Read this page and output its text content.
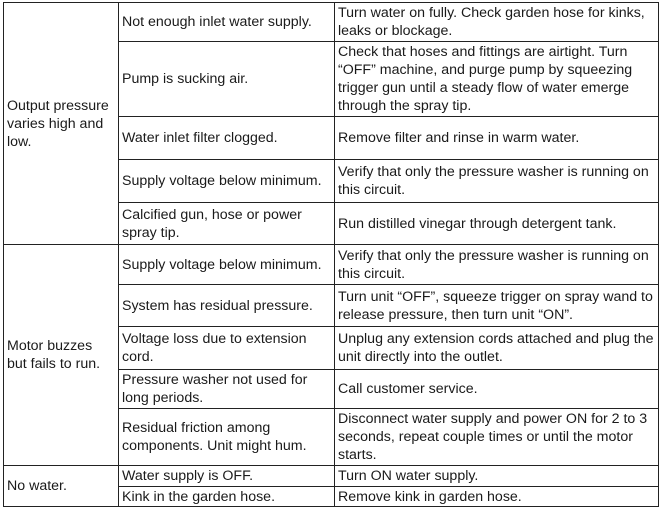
Output pressure varies high and low.	Not enough inlet water supply.	Turn water on fully. Check garden hose for kinks, leaks or blockage.
	Pump is sucking air.	Check that hoses and fittings are airtight. Turn “OFF” machine, and purge pump by squeezing trigger gun until a steady flow of water emerge through the spray tip.
	Water inlet filter clogged.	Remove filter and rinse in warm water.
	Supply voltage below minimum.	Verify that only the pressure washer is running on this circuit.
	Calcified gun, hose or power spray tip.	Run distilled vinegar through detergent tank.
Motor buzzes but fails to run.	Supply voltage below minimum.	Verify that only the pressure washer is running on this circuit.
	System has residual pressure.	Turn unit “OFF”, squeeze trigger on spray wand to release pressure, then turn unit “ON”.
	Voltage loss due to extension cord.	Unplug any extension cords attached and plug the unit directly into the outlet.
	Pressure washer not used for long periods.	Call customer service.
	Residual friction among components. Unit might hum.	Disconnect water supply and power ON for 2 to 3 seconds, repeat couple times or until the motor starts.
No water.	Water supply is OFF.	Turn ON water supply.
	Kink in the garden hose.	Remove kink in garden hose.
